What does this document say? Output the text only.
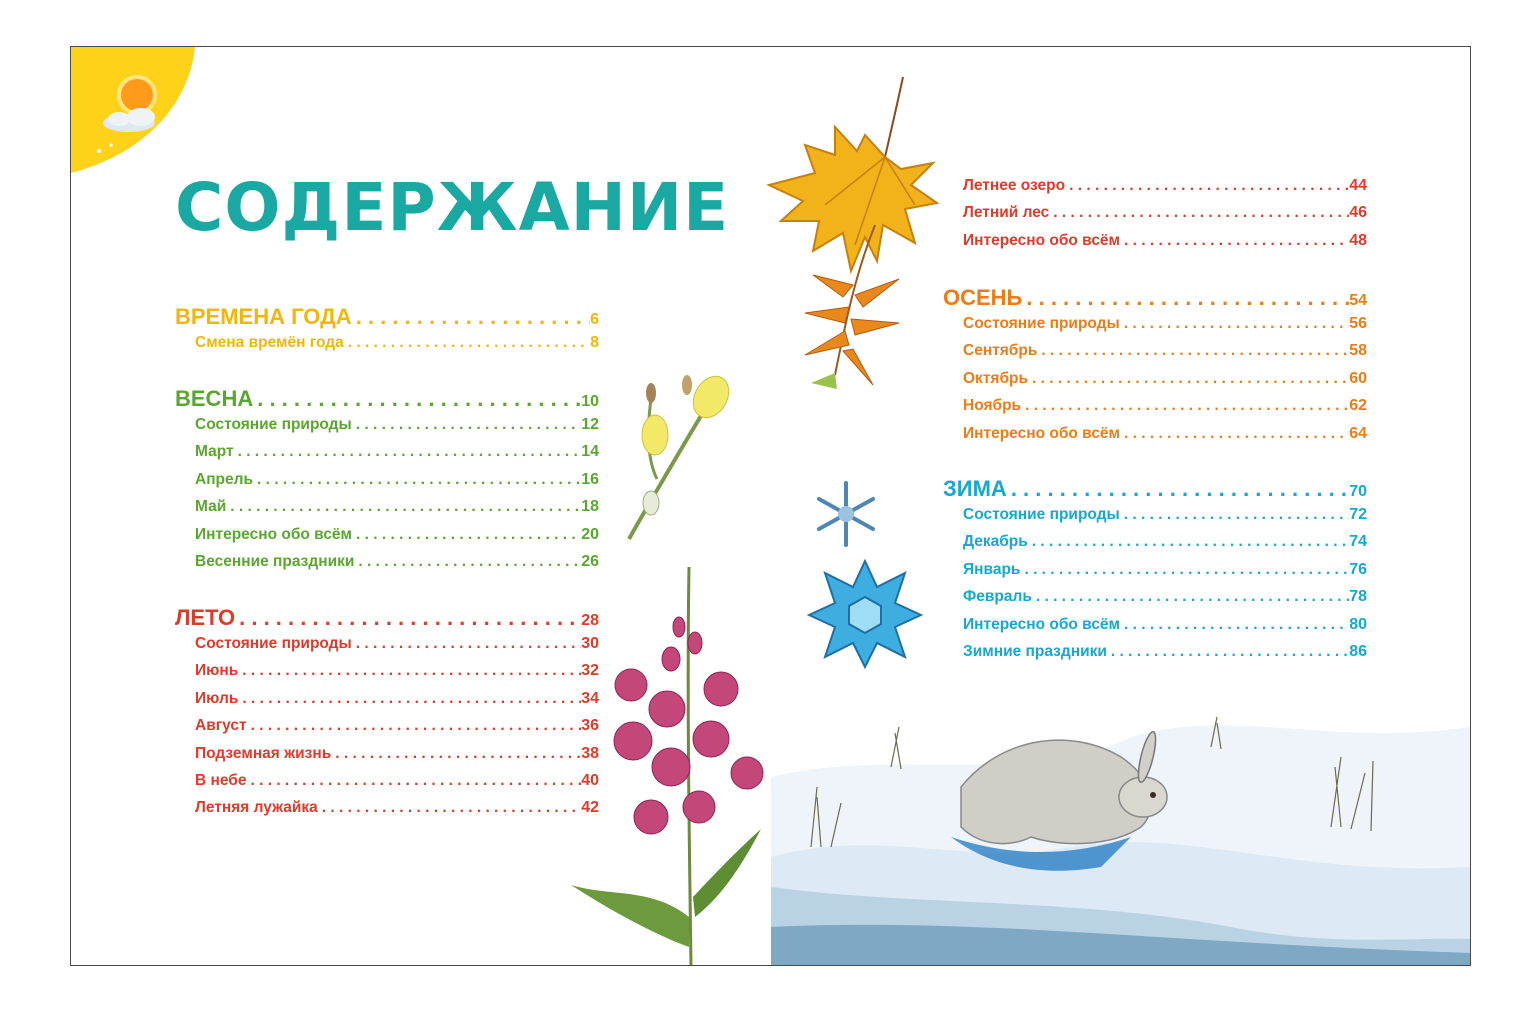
СОДЕРЖАНИЕ
ВРЕМЕНА ГОДА . . .	6
Смена времён года . . .	8
ВЕСНА . . .	10
Состояние природы . . .	12
Март . . .	14
Апрель . . .	16
Май . . .	18
Интересно обо всём . . .	20
Весенние праздники . . .	26
ЛЕТО . . .	28
Состояние природы . . .	30
Июнь . . .	32
Июль . . .	34
Август . . .	36
Подземная жизнь . . .	38
В небе . . .	40
Летняя лужайка . . .	42
Летнее озеро . . .	44
Летний лес . . .	46
Интересно обо всём . . .	48
ОСЕНЬ . . .	54
Состояние природы . . .	56
Сентябрь . . .	58
Октябрь . . .	60
Ноябрь . . .	62
Интересно обо всём . . .	64
ЗИМА . . .	70
Состояние природы . . .	72
Декабрь . . .	74
Январь . . .	76
Февраль . . .	78
Интересно обо всём . . .	80
Зимние праздники . . .	86
